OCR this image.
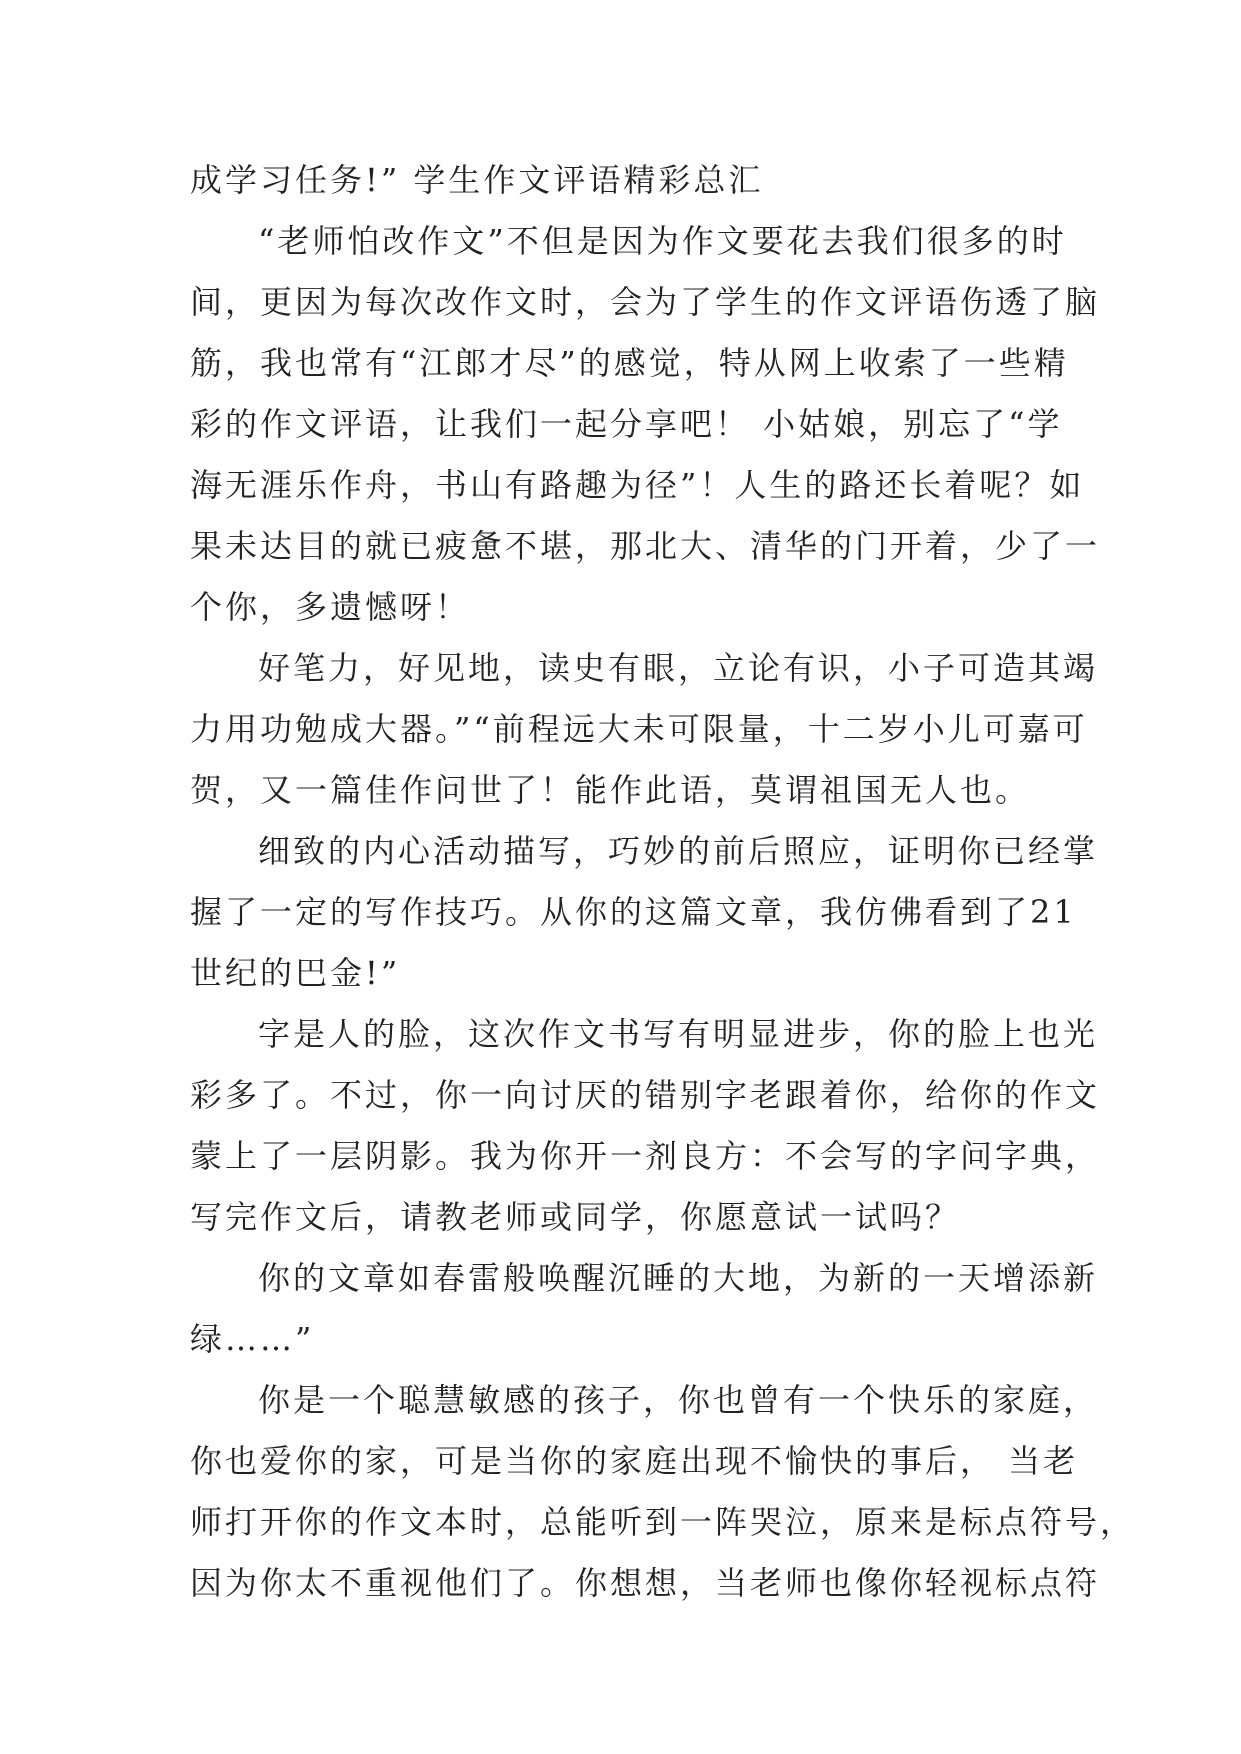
成学习任务!” 学生作文评语精彩总汇

“老师怕改作文”不但是因为作文要花去我们很多的时
间，更因为每次改作文时，会为了学生的作文评语伤透了脑
筋，我也常有“江郎才尽”的感觉，特从网上收索了一些精
彩的作文评语，让我们一起分享吧！ 小姑娘，别忘了“学
海无涯乐作舟，书山有路趣为径”！人生的路还长着呢？如
果未达目的就已疲惫不堪，那北大、清华的门开着，少了一
个你，多遗憾呀！

好笔力，好见地，读史有眼，立论有识，小子可造其竭
力用功勉成大器。”“前程远大未可限量，十二岁小儿可嘉可
贺，又一篇佳作问世了！能作此语，莫谓祖国无人也。

细致的内心活动描写，巧妙的前后照应，证明你已经掌
握了一定的写作技巧。从你的这篇文章，我仿佛看到了21
世纪的巴金!”

字是人的脸，这次作文书写有明显进步，你的脸上也光
彩多了。不过，你一向讨厌的错别字老跟着你，给你的作文
蒙上了一层阴影。我为你开一剂良方：不会写的字问字典，
写完作文后，请教老师或同学，你愿意试一试吗？

你的文章如春雷般唤醒沉睡的大地，为新的一天增添新
绿……”

你是一个聪慧敏感的孩子，你也曾有一个快乐的家庭，
你也爱你的家，可是当你的家庭出现不愉快的事后， 当老
师打开你的作文本时，总能听到一阵哭泣，原来是标点符号，
因为你太不重视他们了。你想想，当老师也像你轻视标点符
